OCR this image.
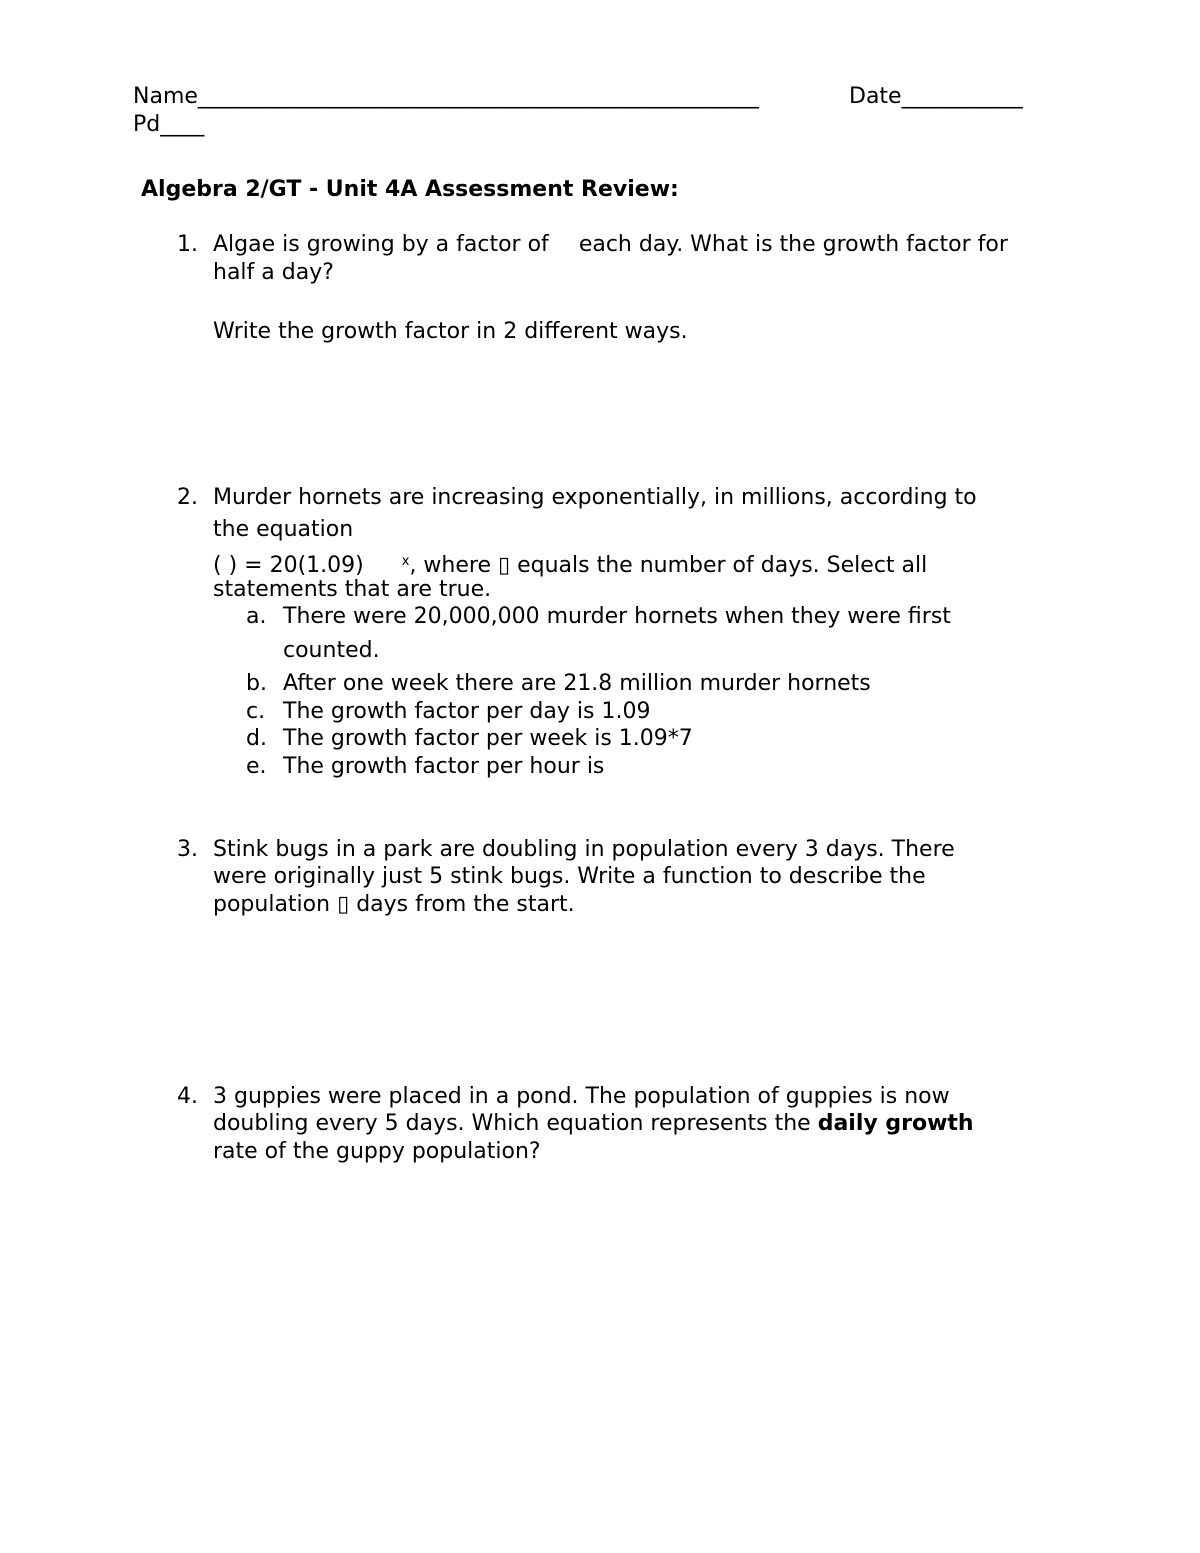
Name___________________________________________________	Date___________
Pd____
Algebra 2/GT - Unit 4A Assessment Review:
1. Algae is growing by a factor of each day. What is the growth factor for
half a day?
Write the growth factor in 2 different ways.
2. Murder hornets are increasing exponentially, in millions, according to
the equation
( ) = 20(1.09)	$^x$, where ▯ equals the number of days. Select all
statements that are true.
a. There were 20,000,000 murder hornets when they were first
counted.
b. After one week there are 21.8 million murder hornets
c. The growth factor per day is 1.09
d. The growth factor per week is 1.09*7
e. The growth factor per hour is
3. Stink bugs in a park are doubling in population every 3 days. There
were originally just 5 stink bugs. Write a function to describe the
population ▯ days from the start.
4. 3 guppies were placed in a pond. The population of guppies is now
doubling every 5 days. Which equation represents the daily growth
rate of the guppy population?
